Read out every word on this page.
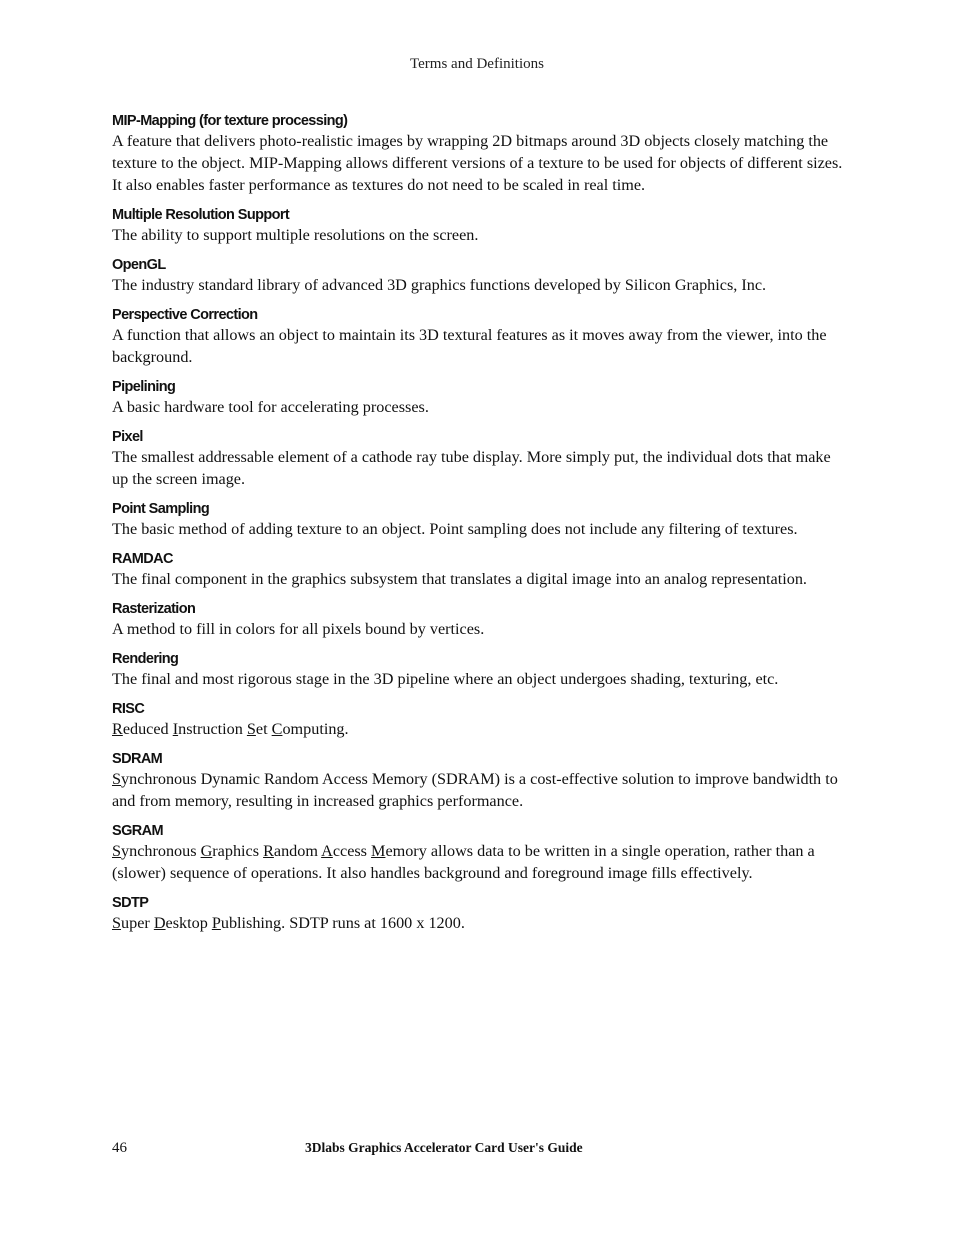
Terms and Definitions

MIP-Mapping (for texture processing)

A feature that delivers photo-realistic images by wrapping 2D bitmaps around 3D objects closely matching the texture to the object. MIP-Mapping allows different versions of a texture to be used for objects of different sizes. It also enables faster performance as textures do not need to be scaled in real time.

Multiple Resolution Support

The ability to support multiple resolutions on the screen.

OpenGL

The industry standard library of advanced 3D graphics functions developed by Silicon Graphics, Inc.

Perspective Correction

A function that allows an object to maintain its 3D textural features as it moves away from the viewer, into the background.

Pipelining

A basic hardware tool for accelerating processes.

Pixel

The smallest addressable element of a cathode ray tube display. More simply put, the individual dots that make up the screen image.

Point Sampling

The basic method of adding texture to an object. Point sampling does not include any filtering of textures.

RAMDAC

The final component in the graphics subsystem that translates a digital image into an analog representation.

Rasterization

A method to fill in colors for all pixels bound by vertices.

Rendering

The final and most rigorous stage in the 3D pipeline where an object undergoes shading, texturing, etc.

RISC

Reduced Instruction Set Computing.

SDRAM

Synchronous Dynamic Random Access Memory (SDRAM) is a cost-effective solution to improve bandwidth to and from memory, resulting in increased graphics performance.

SGRAM

Synchronous Graphics Random Access Memory allows data to be written in a single operation, rather than a (slower) sequence of operations. It also handles background and foreground image fills effectively.

SDTP

Super Desktop Publishing. SDTP runs at 1600 x 1200.

46	3Dlabs Graphics Accelerator Card User's Guide
